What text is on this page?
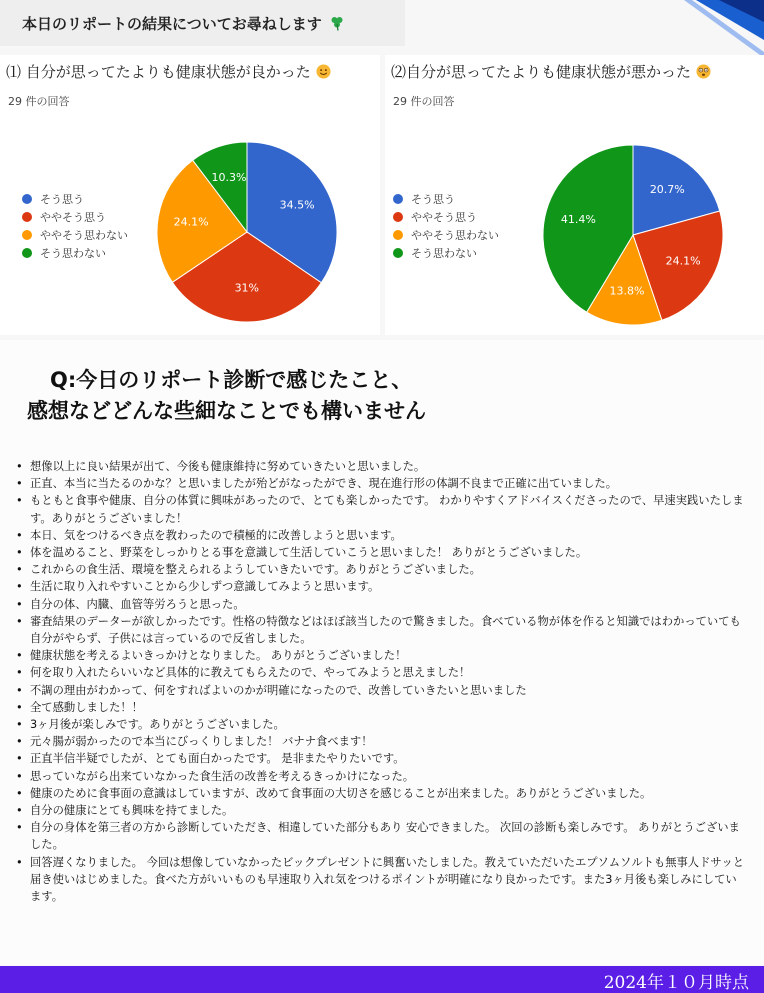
本日のリポートの結果についてお尋ねします
⑴ 自分が思ってたよりも健康状態が良かった
29 件の回答
そう思う
ややそう思う
ややそう思わない
そう思わない
34.5%
31%
24.1%
10.3%
⑵自分が思ってたよりも健康状態が悪かった
29 件の回答
そう思う
ややそう思う
ややそう思わない
そう思わない
20.7%
24.1%
13.8%
41.4%
Q:今日のリポート診断で感じたこと、
感想などどんな些細なことでも構いません
• 想像以上に良い結果が出て、今後も健康維持に努めていきたいと思いました。
• 正直、本当に当たるのかな？と思いましたが殆どがなったができ、現在進行形の体調不良まで正確に出ていました。
• もともと食事や健康、自分の体質に興味があったので、とても楽しかったです。 わかりやすくアドバイスくださったので、早速実践いたします。ありがとうございました！
• 本日、気をつけるべき点を教わったので積極的に改善しようと思います。
• 体を温めること、野菜をしっかりとる事を意識して生活していこうと思いました！ ありがとうございました。
• これからの食生活、環境を整えられるようしていきたいです。ありがとうございました。
• 生活に取り入れやすいことから少しずつ意識してみようと思います。
• 自分の体、内臓、血管等労ろうと思った。
• 審査結果のデーターが欲しかったです。性格の特徴などはほぼ該当したので驚きました。食べている物が体を作ると知識ではわかっていても自分がやらず、子供には言っているので反省しました。
• 健康状態を考えるよいきっかけとなりました。 ありがとうございました！
• 何を取り入れたらいいなど具体的に教えてもらえたので、やってみようと思えました！
• 不調の理由がわかって、何をすればよいのかが明確になったので、改善していきたいと思いました
• 全て感動しました！！
• 3ヶ月後が楽しみです。ありがとうございました。
• 元々腸が弱かったので本当にびっくりしました！ バナナ食べます！
• 正直半信半疑でしたが、とても面白かったです。 是非またやりたいです。
• 思っていながら出来ていなかった食生活の改善を考えるきっかけになった。
• 健康のために食事面の意識はしていますが、改めて食事面の大切さを感じることが出来ました。ありがとうございました。
• 自分の健康にとても興味を持てました。
• 自分の身体を第三者の方から診断していただき、相違していた部分もあり 安心できました。 次回の診断も楽しみです。 ありがとうございました。
• 回答遅くなりました。 今回は想像していなかったビックプレゼントに興奮いたしました。教えていただいたエプソムソルトも無事人ドサッと届き使いはじめました。食べた方がいいものも早速取り入れ気をつけるポイントが明確になり良かったです。また3ヶ月後も楽しみにしています。
2024年１０月時点
